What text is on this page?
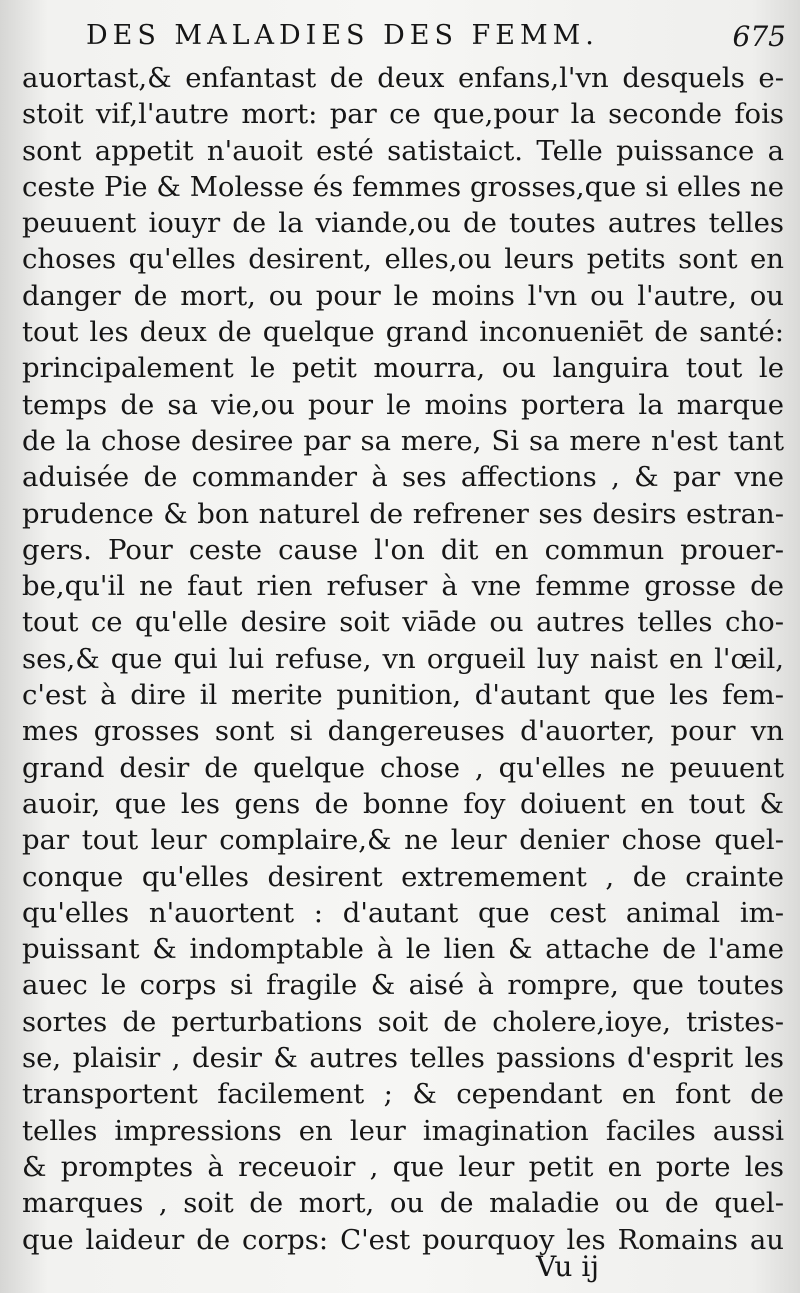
DES MALADIES DES FEMM.	675
auortast,& enfantast de deux enfans,l'vn desquels e-
stoit vif,l'autre mort: par ce que,pour la seconde fois
sont appetit n'auoit esté satistaict. Telle puissance a
ceste Pie & Molesse és femmes grosses,que si elles ne
peuuent iouyr de la viande,ou de toutes autres telles
choses qu'elles desirent, elles,ou leurs petits sont en
danger de mort, ou pour le moins l'vn ou l'autre, ou
tout les deux de quelque grand inconueniēt de santé:
principalement le petit mourra, ou languira tout le
temps de sa vie,ou pour le moins portera la marque
de la chose desiree par sa mere, Si sa mere n'est tant
aduisée de commander à ses affections , & par vne
prudence & bon naturel de refrener ses desirs estran-
gers. Pour ceste cause l'on dit en commun prouer-
be,qu'il ne faut rien refuser à vne femme grosse de
tout ce qu'elle desire soit viāde ou autres telles cho-
ses,& que qui lui refuse, vn orgueil luy naist en l'œil,
c'est à dire il merite punition, d'autant que les fem-
mes grosses sont si dangereuses d'auorter, pour vn
grand desir de quelque chose , qu'elles ne peuuent
auoir, que les gens de bonne foy doiuent en tout &
par tout leur complaire,& ne leur denier chose quel-
conque qu'elles desirent extremement , de crainte
qu'elles n'auortent : d'autant que cest animal im-
puissant & indomptable à le lien & attache de l'ame
auec le corps si fragile & aisé à rompre, que toutes
sortes de perturbations soit de cholere,ioye, tristes-
se, plaisir , desir & autres telles passions d'esprit les
transportent facilement ; & cependant en font de
telles impressions en leur imagination faciles aussi
& promptes à receuoir , que leur petit en porte les
marques , soit de mort, ou de maladie ou de quel-
que laideur de corps: C'est pourquoy les Romains au
Vu ij
